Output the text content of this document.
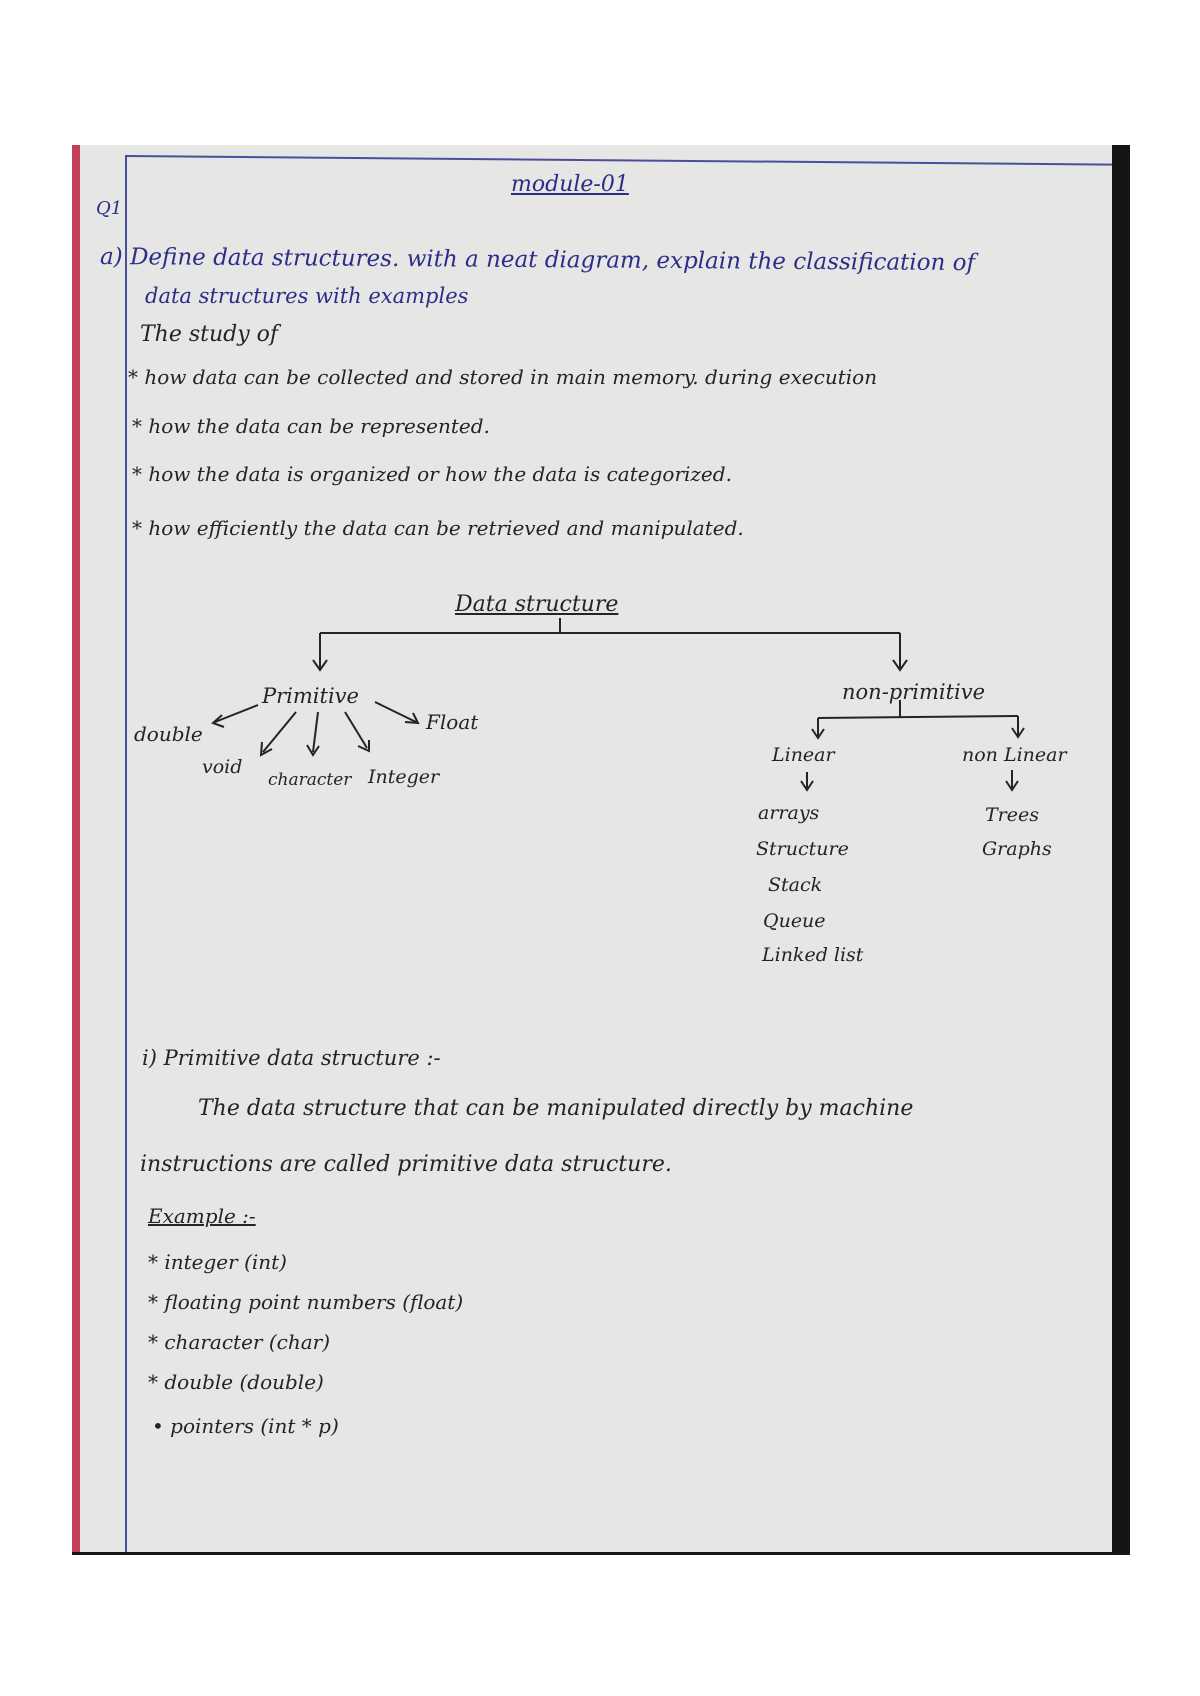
module-01
Q1
a) Define data structures. with a neat diagram, explain the classification of
data structures with examples
The study of
* how data can be collected and stored in main memory. during execution
* how the data can be represented.
* how the data is organized or how the data is categorized.
* how efficiently the data can be retrieved and manipulated.
Data structure
Primitive
double
void
character Integer
Float
non-primitive
Linear	non Linear
arrays
Structure
Stack
Queue
Linked list
Trees
Graphs
i) Primitive data structure :-
The data structure that can be manipulated directly by machine
instructions are called primitive data structure.
Example :-
* integer (int)
* floating point numbers (float)
* character (char)
* double (double)
• pointers (int * p)
